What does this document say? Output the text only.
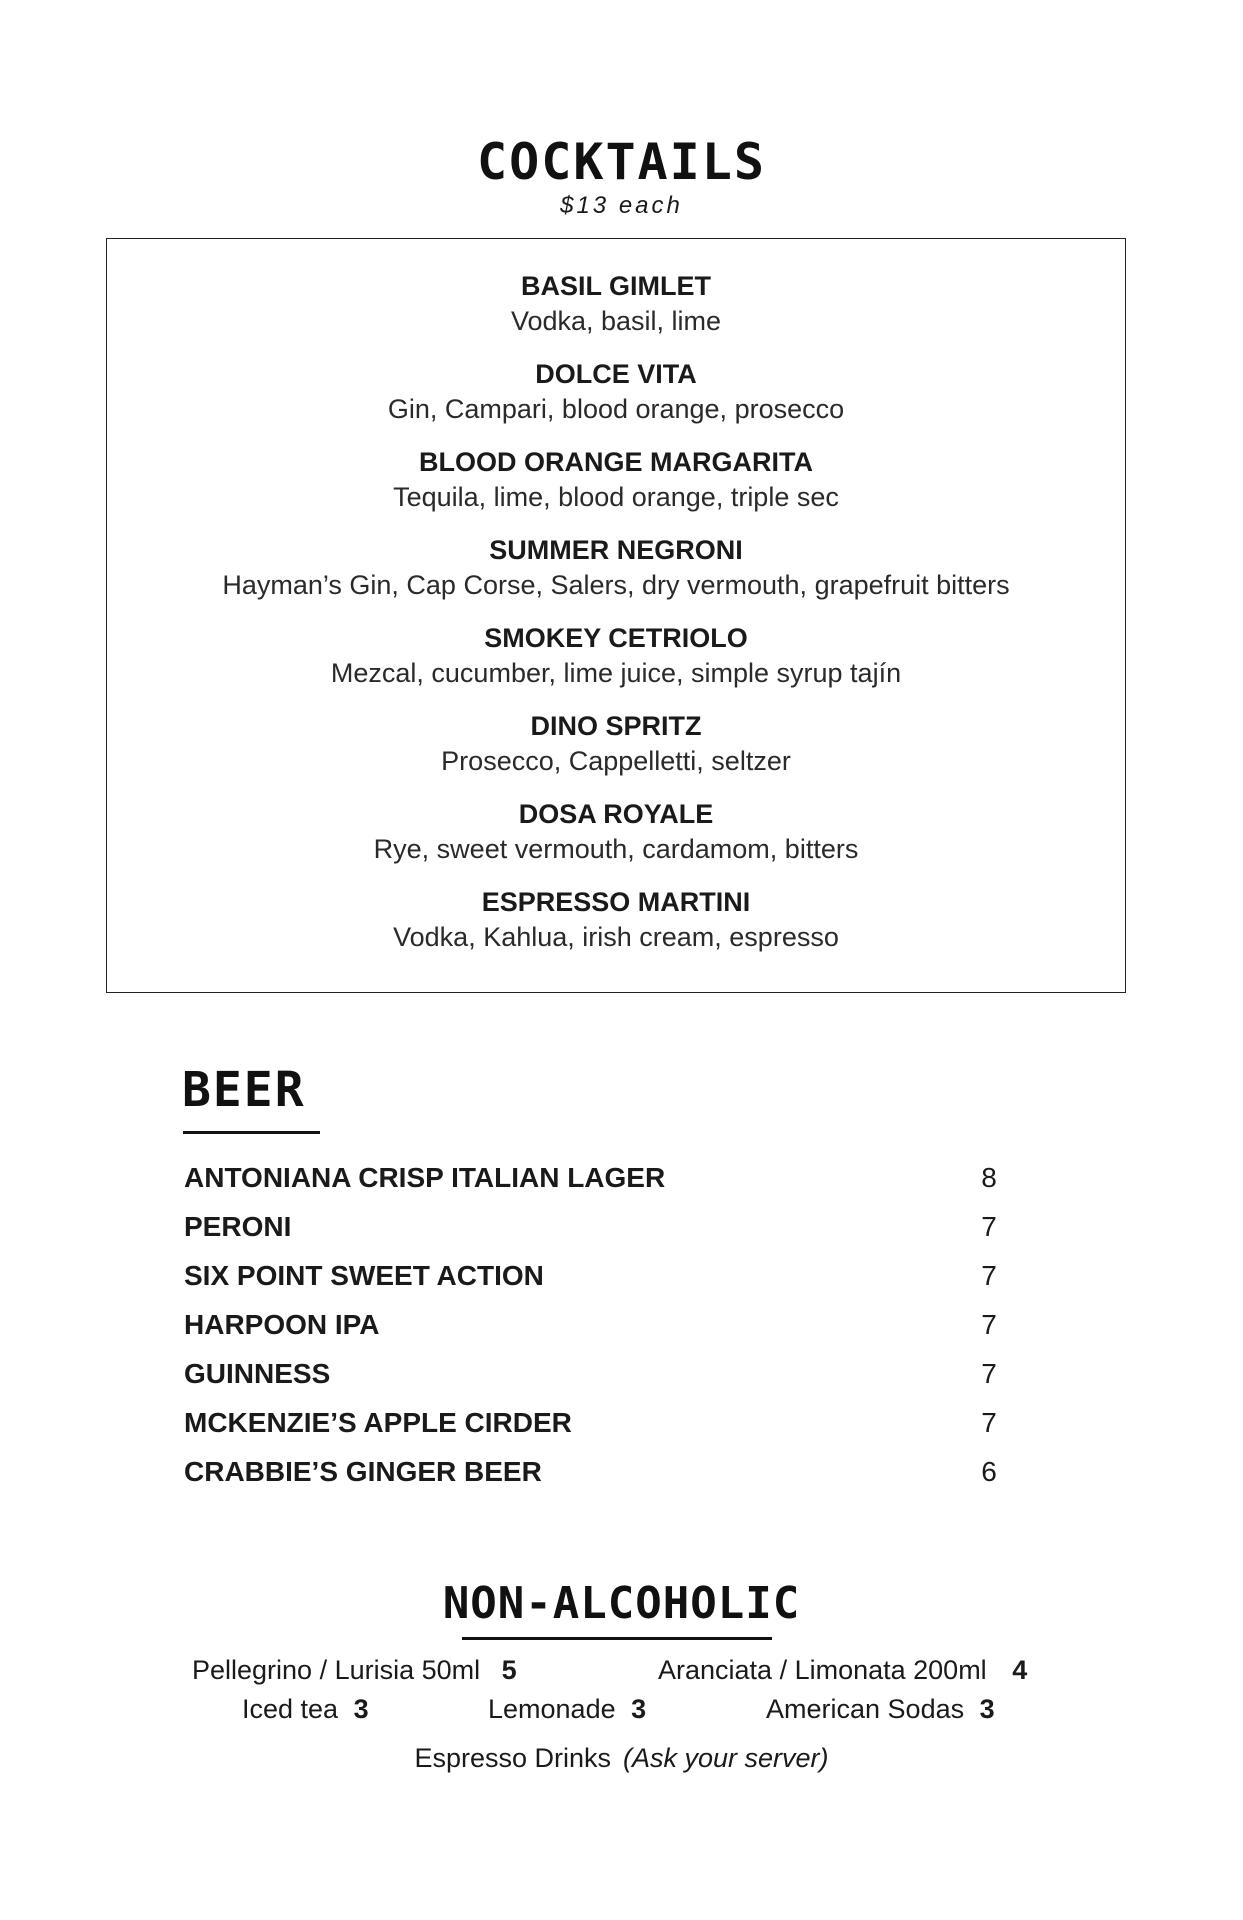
COCKTAILS
$13 each
BASIL GIMLET
Vodka, basil, lime
DOLCE VITA
Gin, Campari, blood orange, prosecco
BLOOD ORANGE MARGARITA
Tequila, lime, blood orange, triple sec
SUMMER NEGRONI
Hayman’s Gin, Cap Corse, Salers, dry vermouth, grapefruit bitters
SMOKEY CETRIOLO
Mezcal, cucumber, lime juice, simple syrup tajín
DINO SPRITZ
Prosecco, Cappelletti, seltzer
DOSA ROYALE
Rye, sweet vermouth, cardamom, bitters
ESPRESSO MARTINI
Vodka, Kahlua, irish cream, espresso
BEER
ANTONIANA CRISP ITALIAN LAGER	8
PERONI	7
SIX POINT SWEET ACTION	7
HARPOON IPA	7
GUINNESS	7
MCKENZIE’S APPLE CIRDER	7
CRABBIE’S GINGER BEER	6
NON-ALCOHOLIC
Pellegrino / Lurisia 50ml 5	Aranciata / Limonata 200ml 4
Iced tea 3	Lemonade 3	American Sodas 3
Espresso Drinks (Ask your server)
